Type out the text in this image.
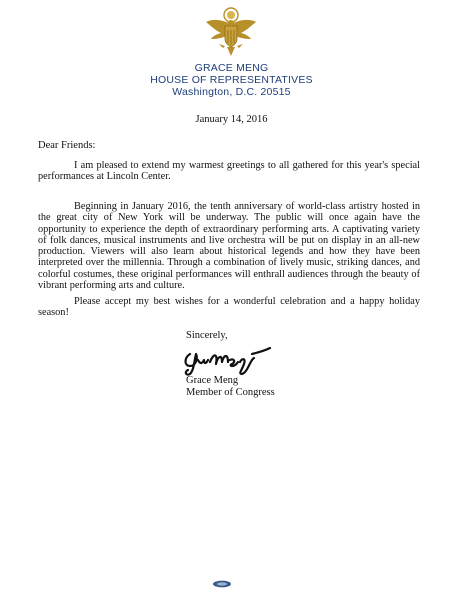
GRACE MENG
HOUSE OF REPRESENTATIVES
Washington, D.C. 20515
January 14, 2016
Dear Friends:

I am pleased to extend my warmest greetings to all gathered for this year's special performances at Lincoln Center.

Beginning in January 2016, the tenth anniversary of world-class artistry hosted in the great city of New York will be underway. The public will once again have the opportunity to experience the depth of extraordinary performing arts. A captivating variety of folk dances, musical instruments and live orchestra will be put on display in an all-new production. Viewers will also learn about historical legends and how they have been interpreted over the millennia. Through a combination of lively music, striking dances, and colorful costumes, these original performances will enthrall audiences through the beauty of vibrant performing arts and culture.

Please accept my best wishes for a wonderful celebration and a happy holiday season!

Sincerely,
Grace Meng
Member of Congress
